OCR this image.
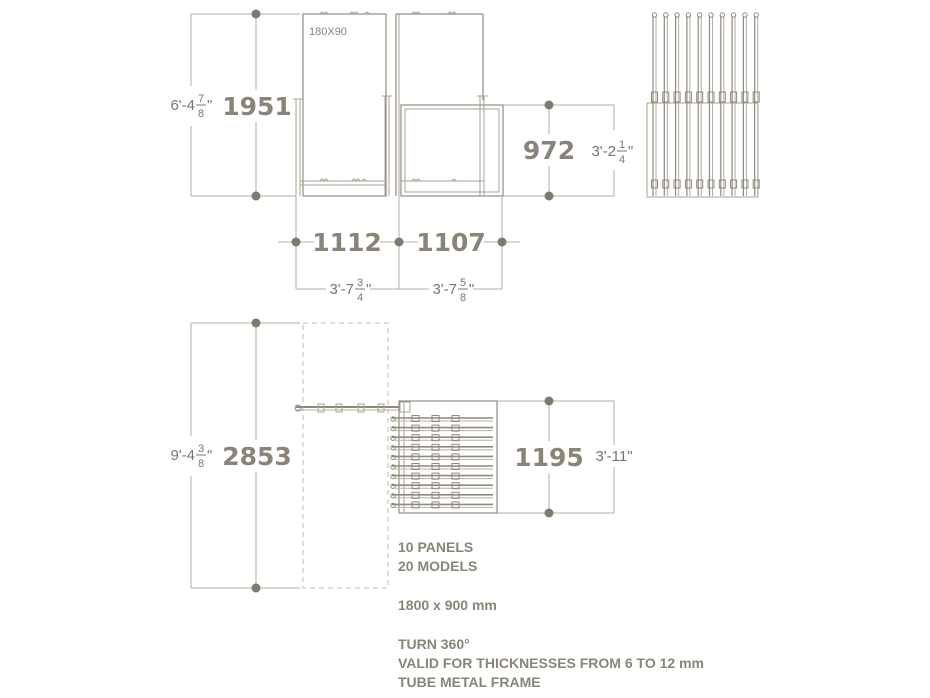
1951
6'-4 7
8 "
180X90
972 3'-2 1
4 "
1112 1107
3'-7 3
4 "	3'-7 5
8 "
2853
9'-4 3
8 "	1195 3'-11"
10 PANELS
20 MODELS
1800 x 900 mm
TURN 360°
VALID FOR THICKNESSES FROM 6 TO 12 mm
TUBE METAL FRAME
